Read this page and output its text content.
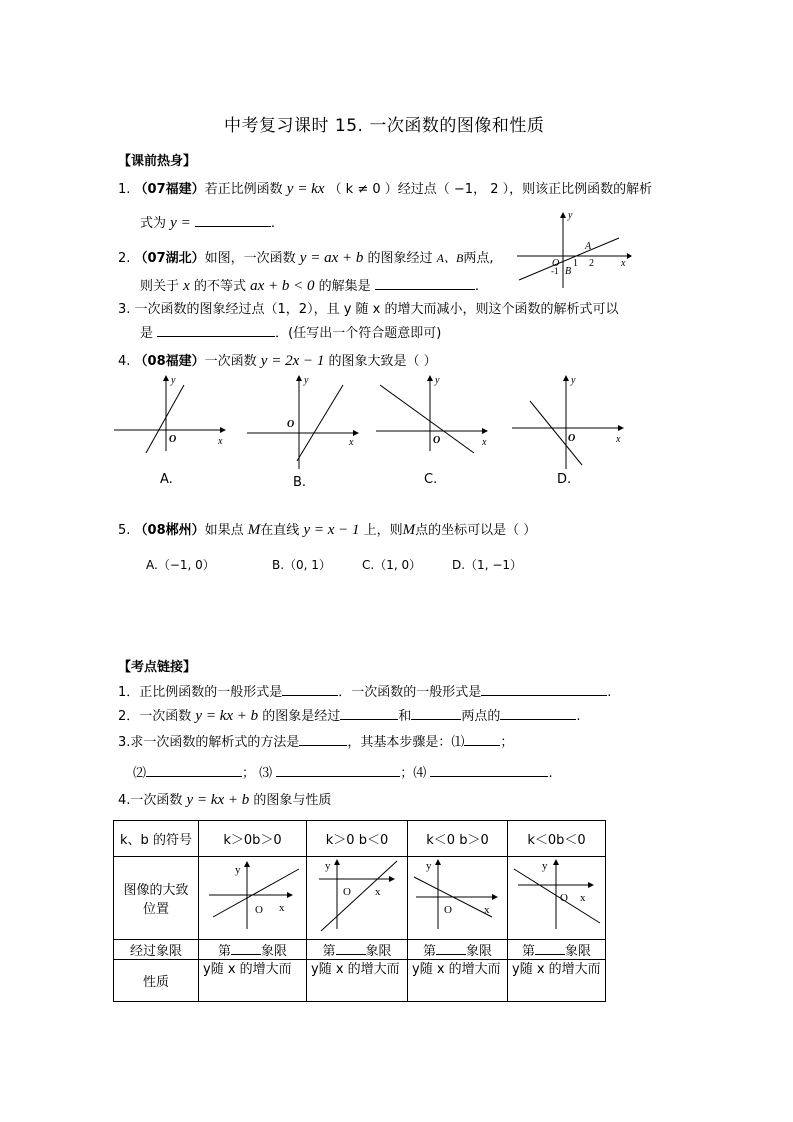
中考复习课时 15. 一次函数的图像和性质
【课前热身】
1. （07福建）若正比例函数 y = kx （ k ≠ 0 ）经过点（ −1， 2 ），则该正比例函数的解析
式为 y =	.
2. （07湖北）如图，一次函数 y = ax + b 的图象经过 A、B两点,
则关于 x 的不等式 ax + b < 0 的解集是	.
y
x
O 1 2
A
B
-1
3. 一次函数的图象经过点（1，2），且 y 随 x 的增大而减小，则这个函数的解析式可以
是	．(任写出一个符合题意即可)
4. （08福建）一次函数 y = 2x − 1 的图象大致是（ ）
y
x
O
A.
y
x
O
B.
y
x
O
C.
y
x
O
D.
5. （08郴州）如果点 M在直线 y = x − 1 上，则M点的坐标可以是（ ）
A.（−1, 0）	B.（0, 1）	C.（1, 0）	D.（1, −1）
【考点链接】
1．正比例函数的一般形式是	．一次函数的一般形式是	.
2．一次函数 y = kx + b 的图象是经过	和	两点的	.
3.求一次函数的解析式的方法是	，其基本步骤是：⑴	；
⑵	； ⑶	；⑷	.
4.一次函数 y = kx + b 的图象与性质
k、b 的符号	k＞0b＞0	k＞0 b＜0	k＜0 b＞0	k＜0b＜0
图像的大致位置	y
x
O	y
x
O	y
x
O	y
x
O

经过象限	第 象限	第 象限	第 象限	第 象限
性质	y随 x 的增大而	y随 x 的增大而	y随 x 的增大而	y随 x 的增大而
